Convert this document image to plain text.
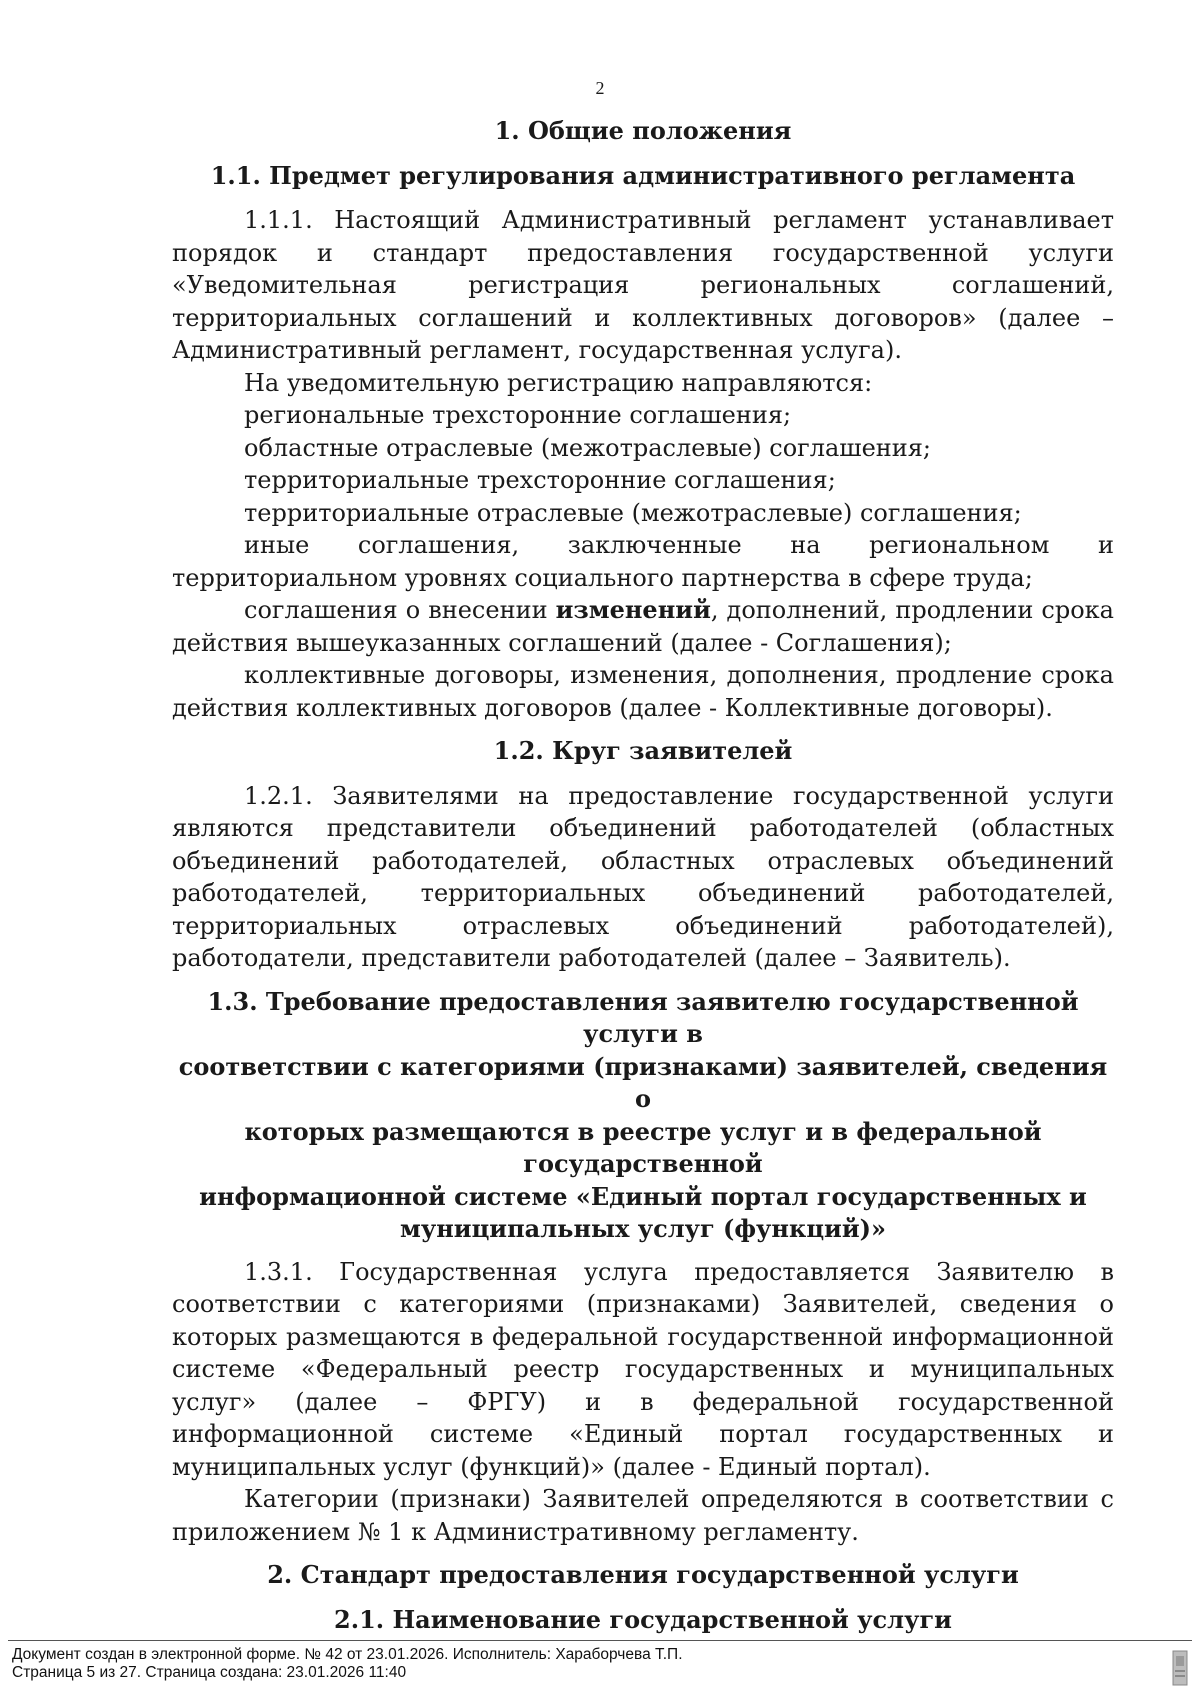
2

1. Общие положения

1.1. Предмет регулирования административного регламента

1.1.1. Настоящий Административный регламент устанавливает порядок и стандарт предоставления государственной услуги «Уведомительная регистрация региональных соглашений, территориальных соглашений и коллективных договоров» (далее – Административный регламент, государственная услуга).

На уведомительную регистрацию направляются:

региональные трехсторонние соглашения;

областные отраслевые (межотраслевые) соглашения;

территориальные трехсторонние соглашения;

территориальные отраслевые (межотраслевые) соглашения;

иные соглашения, заключенные на региональном и территориальном уровнях социального партнерства в сфере труда;

соглашения о внесении изменений, дополнений, продлении срока действия вышеуказанных соглашений (далее - Соглашения);

коллективные договоры, изменения, дополнения, продление срока действия коллективных договоров (далее - Коллективные договоры).

1.2. Круг заявителей

1.2.1. Заявителями на предоставление государственной услуги являются представители объединений работодателей (областных объединений работодателей, областных отраслевых объединений работодателей, территориальных объединений работодателей, территориальных отраслевых объединений работодателей), работодатели, представители работодателей (далее – Заявитель).

1.3. Требование предоставления заявителю государственной услуги в
соответствии с категориями (признаками) заявителей, сведения о
которых размещаются в реестре услуг и в федеральной государственной
информационной системе «Единый портал государственных и
муниципальных услуг (функций)»

1.3.1. Государственная услуга предоставляется Заявителю в соответствии с категориями (признаками) Заявителей, сведения о которых размещаются в федеральной государственной информационной системе «Федеральный реестр государственных и муниципальных услуг» (далее – ФРГУ) и в федеральной государственной информационной системе «Единый портал государственных и муниципальных услуг (функций)» (далее - Единый портал).

Категории (признаки) Заявителей определяются в соответствии с приложением № 1 к Административному регламенту.

2. Стандарт предоставления государственной услуги

2.1. Наименование государственной услуги

Документ создан в электронной форме. № 42 от 23.01.2026. Исполнитель: Хараборчева Т.П.
Страница 5 из 27. Страница создана: 23.01.2026 11:40
